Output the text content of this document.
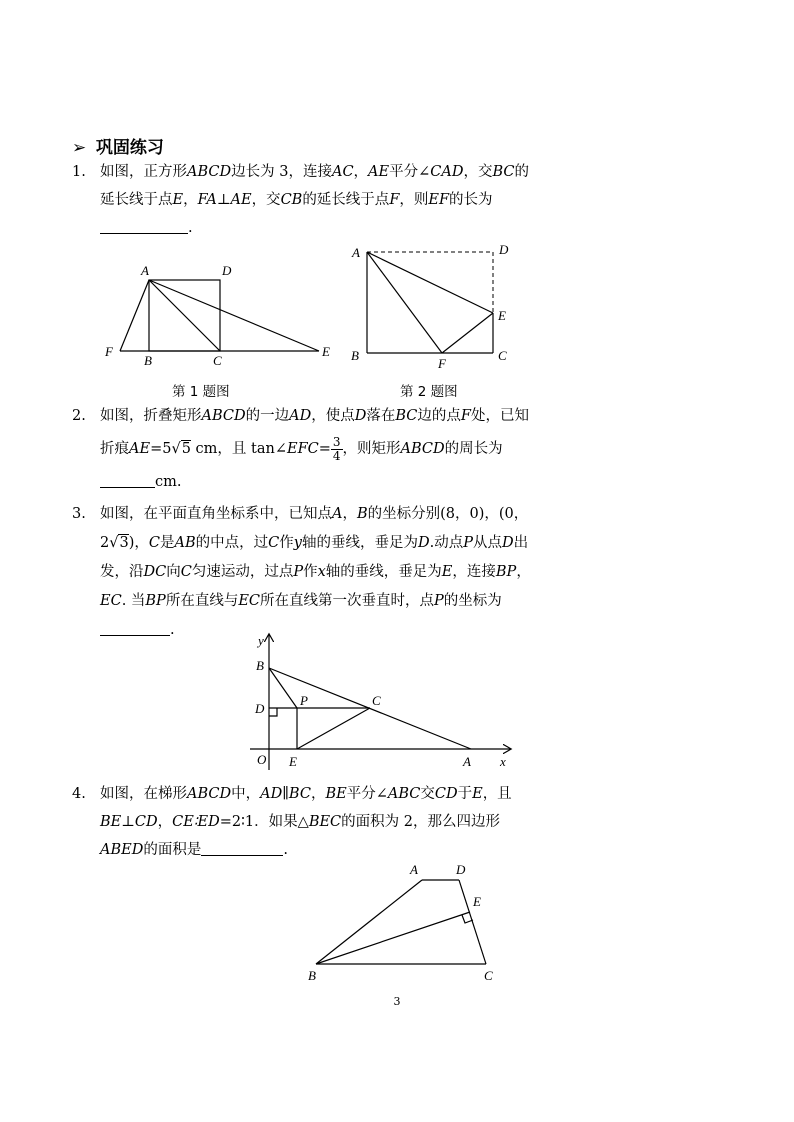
➢ 巩固练习
1. 如图，正方形ABCD边长为 3，连接AC，AE平分∠CAD，交BC的延长线于点E，FA⊥AE，交CB的延长线于点F，则EF的长为.
A	D
F
B	C
E
第 1 题图
A	D
E
B
F
C
第 2 题图
2. 如图，折叠矩形ABCD的一边AD，使点D落在BC边的点F处，已知折痕AE=5√5 cm，且 tan∠EFC= $\frac{3}{4}$ ，则矩形ABCD的周长为cm.
3. 如图，在平面直角坐标系中，已知点A，B的坐标分别(8，0)，(0，2√3)，C是AB的中点，过C作y轴的垂线，垂足为D.动点P从点D出发，沿DC向C匀速运动，过点P作x轴的垂线，垂足为E，连接BP，EC. 当BP所在直线与EC所在直线第一次垂直时，点P的坐标为.
y
B
D
P	C
O E	A x
4. 如图，在梯形ABCD中，AD∥BC，BE平分∠ABC交CD于E，且BE⊥CD，CE∶ED=2∶1．如果△BEC的面积为 2，那么四边形ABED的面积是	.
A	D
E
B	C
3
